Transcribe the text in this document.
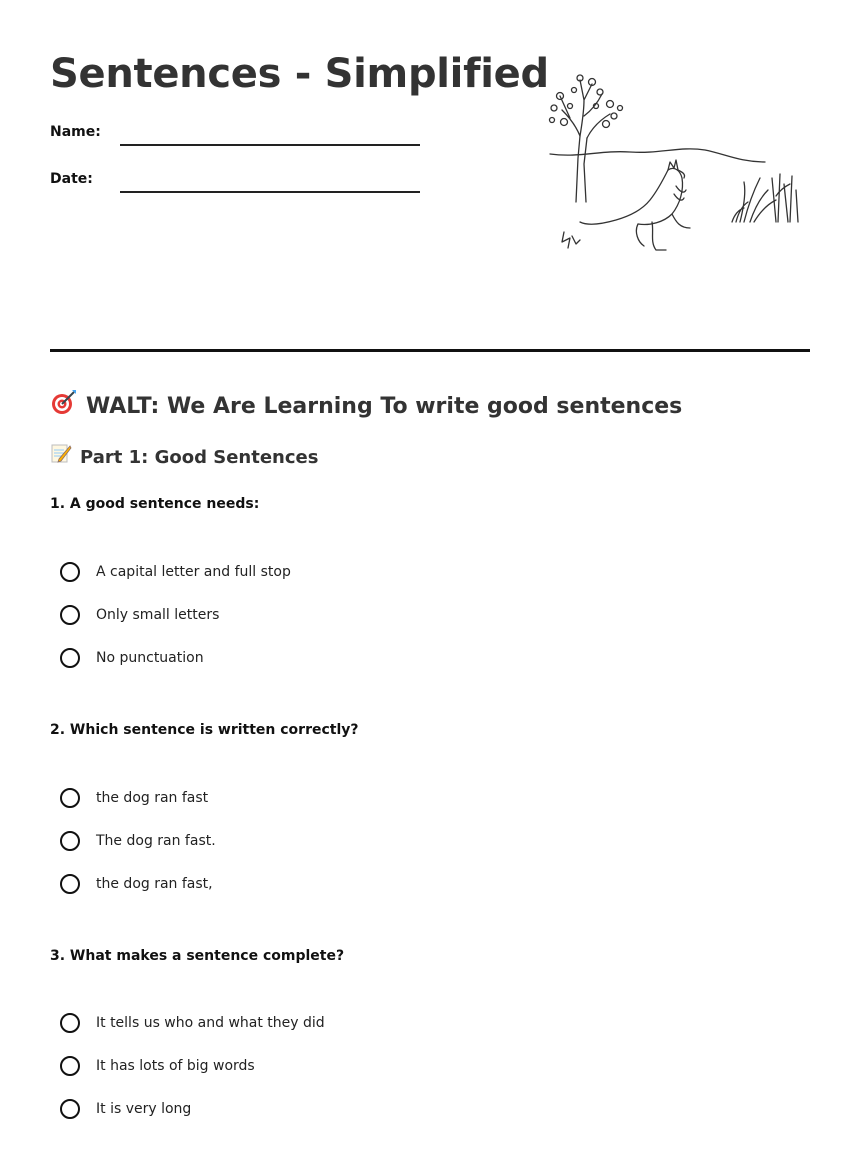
Sentences - Simplified
Name:
Date:
WALT: We Are Learning To write good sentences
Part 1: Good Sentences

1. A good sentence needs:

A capital letter and full stop
Only small letters
No punctuation

2. Which sentence is written correctly?

the dog ran fast
The dog ran fast.
the dog ran fast,

3. What makes a sentence complete?

It tells us who and what they did
It has lots of big words
It is very long
